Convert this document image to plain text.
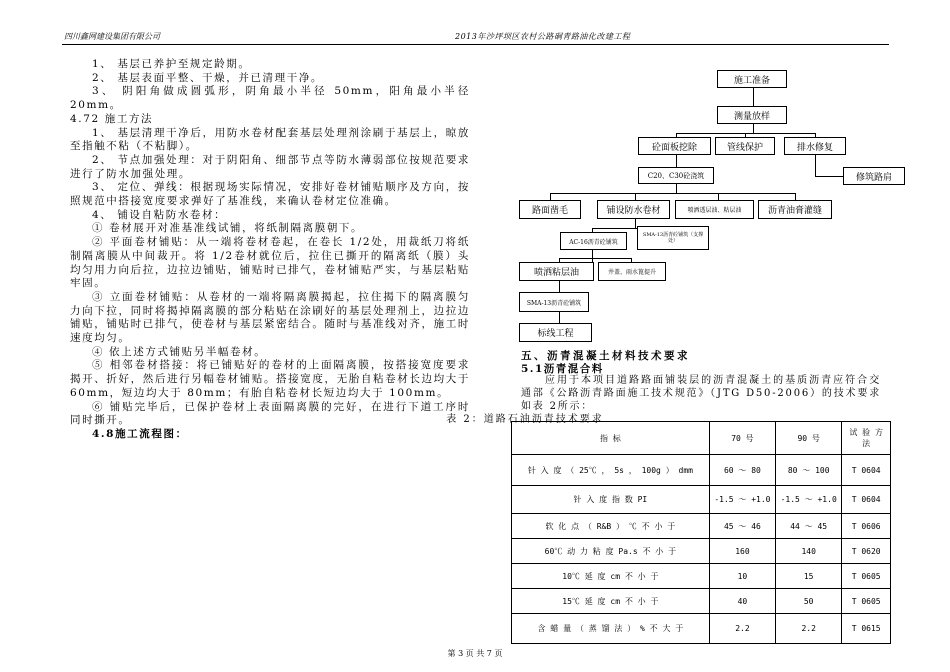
四川鑫网建设集团有限公司	2013年沙坪坝区农村公路硐青路油化改建工程

1、 基层已养护至规定龄期。

2、 基层表面平整、干燥，并已清理干净。

3、 阴阳角做成圆弧形，阴角最小半径 50mm，阳角最小半径 20mm。

4.72 施工方法

1、 基层清理干净后，用防水卷材配套基层处理剂涂刷于基层上，晾放至指触不粘（不粘脚）。

2、 节点加强处理：对于阴阳角、细部节点等防水薄弱部位按规范要求进行了防水加强处理。

3、 定位、弹线：根据现场实际情况，安排好卷材铺贴顺序及方向，按照规范中搭接宽度要求弹好了基准线，来确认卷材定位准确。

4、 铺设自粘防水卷材：

① 卷材展开对准基准线试铺，将纸制隔离膜朝下。

② 平面卷材铺贴：从一端将卷材卷起，在卷长 1/2处，用裁纸刀将纸制隔离膜从中间裁开。将 1/2卷材就位后，拉住已撕开的隔离纸（膜）头均匀用力向后拉，边拉边铺贴，铺贴时已排气，卷材铺贴严实，与基层粘贴牢固。

③ 立面卷材铺贴：从卷材的一端将隔离膜揭起，拉住揭下的隔离膜匀力向下拉，同时将揭掉隔离膜的部分粘贴在涂刷好的基层处理剂上，边拉边铺贴，铺贴时已排气，使卷材与基层紧密结合。随时与基准线对齐，施工时速度均匀。

④ 依上述方式铺贴另半幅卷材。

⑤ 相邻卷材搭接：将已铺贴好的卷材的上面隔离膜，按搭接宽度要求揭开、折好，然后进行另幅卷材铺贴。搭接宽度，无胎自粘卷材长边均大于 60mm，短边均大于 80mm；有胎自粘卷材长短边均大于 100mm。

⑥ 铺贴完毕后，已保护卷材上表面隔离膜的完好，在进行下道工序时同时撕开。

4.8施工流程图：

施工准备
测量放样
砼面板挖除	管线保护	排水修复
修筑路肩
C20、C30砼浇筑
路面凿毛	铺设防水卷材	喷洒透层油、粘层油	沥青油膏灌缝
AC-16沥青砼铺筑
SMA-13沥青砼铺筑（支撑处）
喷洒粘层油	井盖、雨水篦提升
SMA-13沥青砼铺筑
标线工程
五、沥青混凝土材料技术要求
5.1沥青混合料

应用于本项目道路路面铺装层的沥青混凝土的基质沥青应符合交通部《公路沥青路面施工技术规范》（JTG D50-2006）的技术要求如表 2所示：

表 2：道路石油沥青技术要求
指 标	70 号	90 号	试 验 方 法
针 入 度 （ 25℃ ， 5s ， 100g ） dmm	60 ～ 80	80 ～ 100	T 0604
针 入 度 指 数 PI	-1.5 ～ +1.0	-1.5 ～ +1.0	T 0604
软 化 点 （ R&B ） ℃ 不 小 于	45 ～ 46	44 ～ 45	T 0606
60℃ 动 力 粘 度 Pa.s 不 小 于	160	140	T 0620
10℃ 延 度 cm 不 小 于	10	15	T 0605
15℃ 延 度 cm 不 小 于	40	50	T 0605
含 蜡 量 （ 蒸 馏 法 ） % 不 大 于	2.2	2.2	T 0615
第 3 页 共 7 页
